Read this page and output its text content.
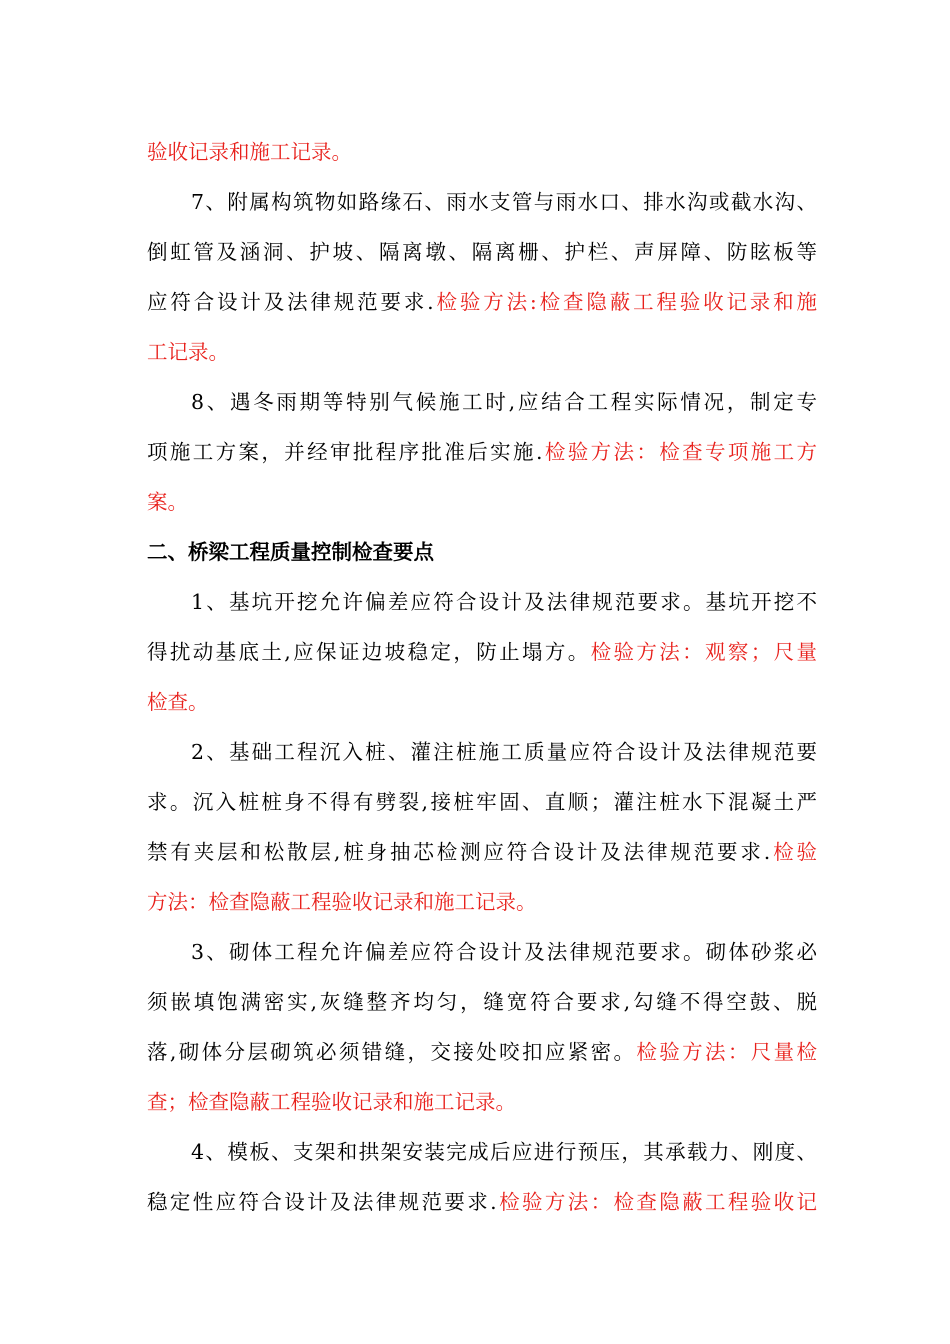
验收记录和施工记录。
7、附属构筑物如路缘石、雨水支管与雨水口、排水沟或截水沟、
倒虹管及涵洞、护坡、隔离墩、隔离栅、护栏、声屏障、防眩板等
应符合设计及法律规范要求.检验方法:检查隐蔽工程验收记录和施
工记录。
8、遇冬雨期等特别气候施工时,应结合工程实际情况，制定专
项施工方案，并经审批程序批准后实施.检验方法：检查专项施工方
案。
二、桥梁工程质量控制检查要点
1、基坑开挖允许偏差应符合设计及法律规范要求。基坑开挖不
得扰动基底土,应保证边坡稳定，防止塌方。检验方法：观察；尺量
检查。
2、基础工程沉入桩、灌注桩施工质量应符合设计及法律规范要
求。沉入桩桩身不得有劈裂,接桩牢固、直顺；灌注桩水下混凝土严
禁有夹层和松散层,桩身抽芯检测应符合设计及法律规范要求.检验
方法：检查隐蔽工程验收记录和施工记录。
3、砌体工程允许偏差应符合设计及法律规范要求。砌体砂浆必
须嵌填饱满密实,灰缝整齐均匀，缝宽符合要求,勾缝不得空鼓、脱
落,砌体分层砌筑必须错缝，交接处咬扣应紧密。检验方法：尺量检
查；检查隐蔽工程验收记录和施工记录。
4、模板、支架和拱架安装完成后应进行预压，其承载力、刚度、
稳定性应符合设计及法律规范要求.检验方法：检查隐蔽工程验收记
